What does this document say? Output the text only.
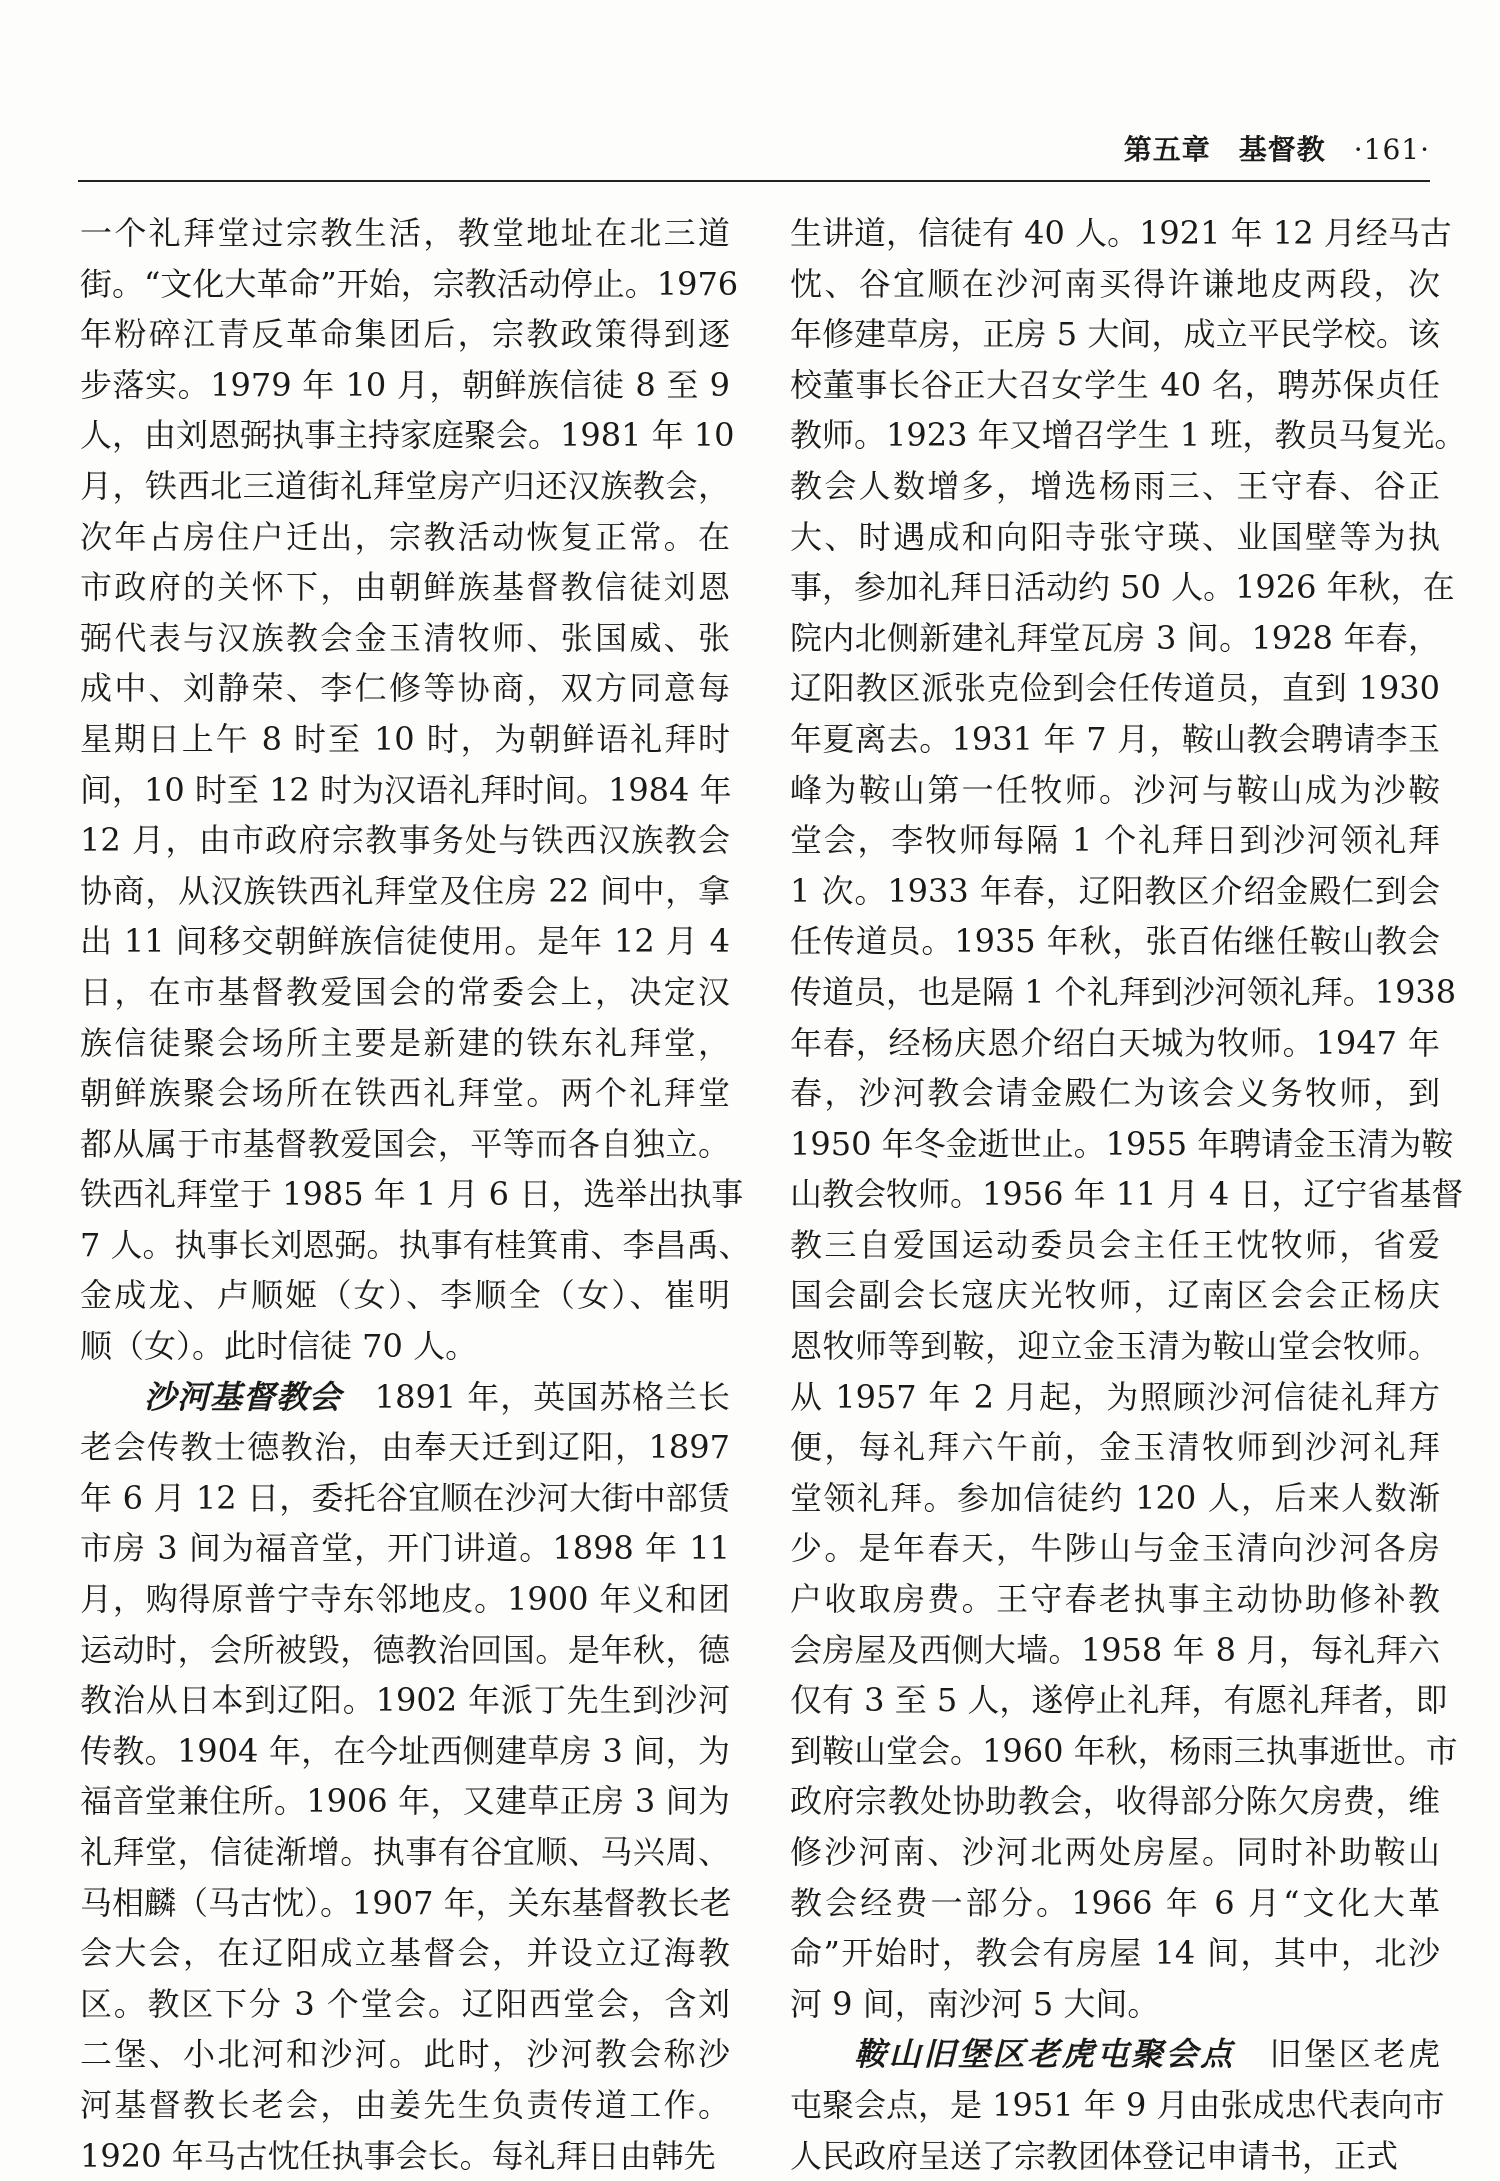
第五章 基督教 ·161·
一个礼拜堂过宗教生活，教堂地址在北三道
街。“文化大革命”开始，宗教活动停止。1976
年粉碎江青反革命集团后，宗教政策得到逐
步落实。1979 年 10 月，朝鲜族信徒 8 至 9
人，由刘恩弼执事主持家庭聚会。1981 年 10
月，铁西北三道街礼拜堂房产归还汉族教会，
次年占房住户迁出，宗教活动恢复正常。在
市政府的关怀下，由朝鲜族基督教信徒刘恩
弼代表与汉族教会金玉清牧师、张国威、张
成中、刘静荣、李仁修等协商，双方同意每
星期日上午 8 时至 10 时，为朝鲜语礼拜时
间，10 时至 12 时为汉语礼拜时间。1984 年
12 月，由市政府宗教事务处与铁西汉族教会
协商，从汉族铁西礼拜堂及住房 22 间中，拿
出 11 间移交朝鲜族信徒使用。是年 12 月 4
日，在市基督教爱国会的常委会上，决定汉
族信徒聚会场所主要是新建的铁东礼拜堂，
朝鲜族聚会场所在铁西礼拜堂。两个礼拜堂
都从属于市基督教爱国会，平等而各自独立。
铁西礼拜堂于 1985 年 1 月 6 日，选举出执事
7 人。执事长刘恩弼。执事有桂箕甫、李昌禹、
金成龙、卢顺姬（女）、李顺全（女）、崔明
顺（女）。此时信徒 70 人。
沙河基督教会　 1891 年，英国苏格兰长
老会传教士德教治，由奉天迁到辽阳，1897
年 6 月 12 日，委托谷宜顺在沙河大街中部赁
市房 3 间为福音堂，开门讲道。1898 年 11
月，购得原普宁寺东邻地皮。1900 年义和团
运动时，会所被毁，德教治回国。是年秋，德
教治从日本到辽阳。1902 年派丁先生到沙河
传教。1904 年，在今址西侧建草房 3 间，为
福音堂兼住所。1906 年，又建草正房 3 间为
礼拜堂，信徒渐增。执事有谷宜顺、马兴周、
马相麟（马古忱）。1907 年，关东基督教长老
会大会，在辽阳成立基督会，并设立辽海教
区。教区下分 3 个堂会。辽阳西堂会，含刘
二堡、小北河和沙河。此时，沙河教会称沙
河基督教长老会，由姜先生负责传道工作。
1920 年马古忱任执事会长。每礼拜日由韩先
生讲道，信徒有 40 人。1921 年 12 月经马古
忱、谷宜顺在沙河南买得许谦地皮两段，次
年修建草房，正房 5 大间，成立平民学校。该
校董事长谷正大召女学生 40 名，聘苏保贞任
教师。1923 年又增召学生 1 班，教员马复光。
教会人数增多，增选杨雨三、王守春、谷正
大、时遇成和向阳寺张守瑛、业国壁等为执
事，参加礼拜日活动约 50 人。1926 年秋，在
院内北侧新建礼拜堂瓦房 3 间。1928 年春，
辽阳教区派张克俭到会任传道员，直到 1930
年夏离去。1931 年 7 月，鞍山教会聘请李玉
峰为鞍山第一任牧师。沙河与鞍山成为沙鞍
堂会，李牧师每隔 1 个礼拜日到沙河领礼拜
1 次。1933 年春，辽阳教区介绍金殿仁到会
任传道员。1935 年秋，张百佑继任鞍山教会
传道员，也是隔 1 个礼拜到沙河领礼拜。1938
年春，经杨庆恩介绍白天城为牧师。1947 年
春，沙河教会请金殿仁为该会义务牧师，到
1950 年冬金逝世止。1955 年聘请金玉清为鞍
山教会牧师。1956 年 11 月 4 日，辽宁省基督
教三自爱国运动委员会主任王忱牧师，省爱
国会副会长寇庆光牧师，辽南区会会正杨庆
恩牧师等到鞍，迎立金玉清为鞍山堂会牧师。
从 1957 年 2 月起，为照顾沙河信徒礼拜方
便，每礼拜六午前，金玉清牧师到沙河礼拜
堂领礼拜。参加信徒约 120 人，后来人数渐
少。是年春天，牛陟山与金玉清向沙河各房
户收取房费。王守春老执事主动协助修补教
会房屋及西侧大墙。1958 年 8 月，每礼拜六
仅有 3 至 5 人，遂停止礼拜，有愿礼拜者，即
到鞍山堂会。1960 年秋，杨雨三执事逝世。市
政府宗教处协助教会，收得部分陈欠房费，维
修沙河南、沙河北两处房屋。同时补助鞍山
教会经费一部分。1966 年 6 月“文化大革
命”开始时，教会有房屋 14 间，其中，北沙
河 9 间，南沙河 5 大间。
鞍山旧堡区老虎屯聚会点　 旧堡区老虎
屯聚会点，是 1951 年 9 月由张成忠代表向市
人民政府呈送了宗教团体登记申请书，正式
